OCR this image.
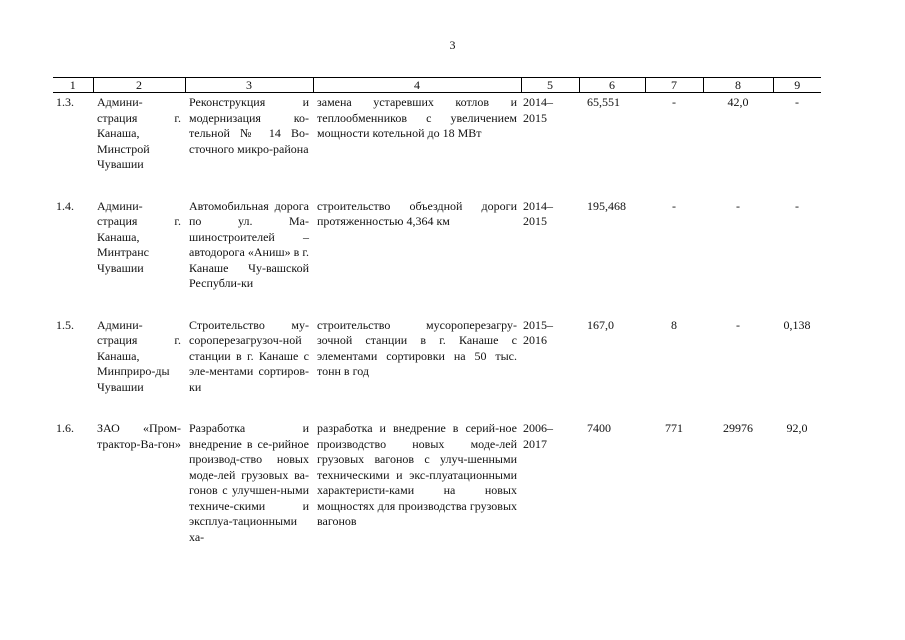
3
1	2	3	4	5	6	7	8	9
1.3.	Админи-страция г. Канаша, Минстрой Чувашии	Реконструкция и модернизация ко-тельной № 14 Во-сточного микро-района	замена устаревших котлов и теплообменников с увеличением мощности котельной до 18 МВт	2014–2015	65,551	-	42,0	-

1.4.	Админи-страция г. Канаша, Минтранс Чувашии	Автомобильная дорога по ул. Ма-шиностроителей – автодорога «Аниш» в г. Канаше Чу-вашской Республи-ки	строительство объездной дороги протяженностью 4,364 км	2014–2015	195,468	-	-	-

1.5.	Админи-страция г. Канаша, Минприро-ды Чувашии	Строительство му-сороперезагрузоч-ной станции в г. Канаше с эле-ментами сортиров-ки	строительство мусороперезагру-зочной станции в г. Канаше с элементами сортировки на 50 тыс. тонн в год	2015–2016	167,0	8	-	0,138

1.6.	ЗАО «Пром-трактор-Ва-гон»	Разработка и внедрение в се-рийное производ-ство новых моде-лей грузовых ва-гонов с улучшен-ными техниче-скими и эксплуа-тационными ха-	разработка и внедрение в серий-ное производство новых моде-лей грузовых вагонов с улуч-шенными техническими и экс-плуатационными характеристи-ками на новых мощностях для производства грузовых вагонов	2006–2017	7400	771	29976	92,0
